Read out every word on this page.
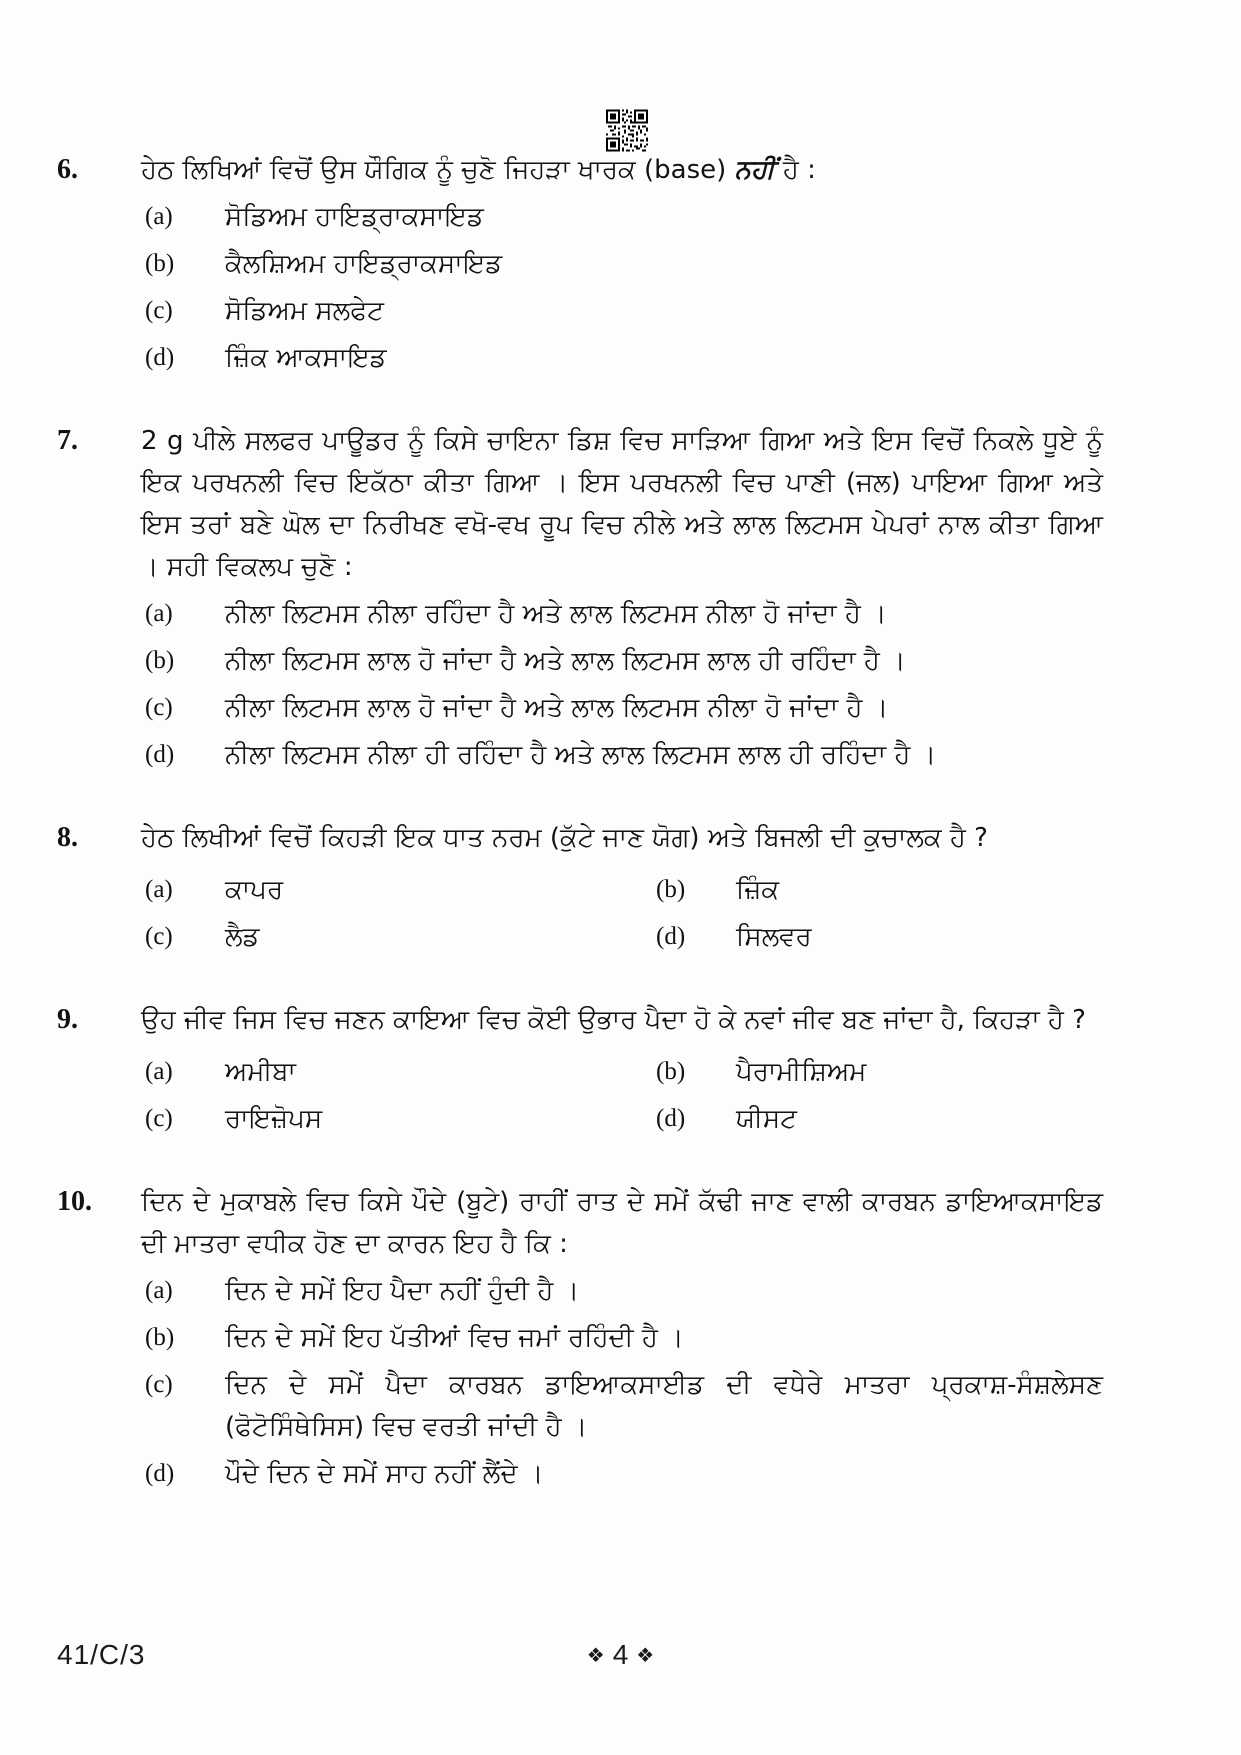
6.	ਹੇਠ ਲਿਖਿਆਂ ਵਿਚੋਂ ਉਸ ਯੌਗਿਕ ਨੂੰ ਚੁਣੋ ਜਿਹੜਾ ਖਾਰਕ (base) ਨਹੀਂ ਹੈ :

(a)	ਸੋਡਿਅਮ ਹਾਇਡ੍ਰਾਕਸਾਇਡ
(b)	ਕੈਲਸ਼ਿਅਮ ਹਾਇਡ੍ਰਾਕਸਾਇਡ
(c)	ਸੋਡਿਅਮ ਸਲਫੇਟ
(d)	ਜ਼ਿੰਕ ਆਕਸਾਇਡ
7.	2 g ਪੀਲੇ ਸਲਫਰ ਪਾਊਡਰ ਨੂੰ ਕਿਸੇ ਚਾਇਨਾ ਡਿਸ਼ ਵਿਚ ਸਾੜਿਆ ਗਿਆ ਅਤੇ ਇਸ ਵਿਚੋਂ ਨਿਕਲੇ ਧੂਏ ਨੂੰ ਇਕ ਪਰਖਨਲੀ ਵਿਚ ਇਕੱਠਾ ਕੀਤਾ ਗਿਆ । ਇਸ ਪਰਖਨਲੀ ਵਿਚ ਪਾਣੀ (ਜਲ) ਪਾਇਆ ਗਿਆ ਅਤੇ ਇਸ ਤਰਾਂ ਬਣੇ ਘੋਲ ਦਾ ਨਿਰੀਖਣ ਵਖੋ-ਵਖ ਰੂਪ ਵਿਚ ਨੀਲੇ ਅਤੇ ਲਾਲ ਲਿਟਮਸ ਪੇਪਰਾਂ ਨਾਲ ਕੀਤਾ ਗਿਆ । ਸਹੀ ਵਿਕਲਪ ਚੁਣੋ :

(a)	ਨੀਲਾ ਲਿਟਮਸ ਨੀਲਾ ਰਹਿੰਦਾ ਹੈ ਅਤੇ ਲਾਲ ਲਿਟਮਸ ਨੀਲਾ ਹੋ ਜਾਂਦਾ ਹੈ ।
(b)	ਨੀਲਾ ਲਿਟਮਸ ਲਾਲ ਹੋ ਜਾਂਦਾ ਹੈ ਅਤੇ ਲਾਲ ਲਿਟਮਸ ਲਾਲ ਹੀ ਰਹਿੰਦਾ ਹੈ ।
(c)	ਨੀਲਾ ਲਿਟਮਸ ਲਾਲ ਹੋ ਜਾਂਦਾ ਹੈ ਅਤੇ ਲਾਲ ਲਿਟਮਸ ਨੀਲਾ ਹੋ ਜਾਂਦਾ ਹੈ ।
(d)	ਨੀਲਾ ਲਿਟਮਸ ਨੀਲਾ ਹੀ ਰਹਿੰਦਾ ਹੈ ਅਤੇ ਲਾਲ ਲਿਟਮਸ ਲਾਲ ਹੀ ਰਹਿੰਦਾ ਹੈ ।
8.	ਹੇਠ ਲਿਖੀਆਂ ਵਿਚੋਂ ਕਿਹੜੀ ਇਕ ਧਾਤ ਨਰਮ (ਕੁੱਟੇ ਜਾਣ ਯੋਗ) ਅਤੇ ਬਿਜਲੀ ਦੀ ਕੁਚਾਲਕ ਹੈ ?

(a)	ਕਾਪਰ	(b)	ਜ਼ਿੰਕ
(c)	ਲੈਡ	(d)	ਸਿਲਵਰ
9.	ਉਹ ਜੀਵ ਜਿਸ ਵਿਚ ਜਣਨ ਕਾਇਆ ਵਿਚ ਕੋਈ ਉਭਾਰ ਪੈਦਾ ਹੋ ਕੇ ਨਵਾਂ ਜੀਵ ਬਣ ਜਾਂਦਾ ਹੈ, ਕਿਹੜਾ ਹੈ ?

(a)	ਅਮੀਬਾ	(b)	ਪੈਰਾਮੀਸ਼ਿਅਮ
(c)	ਰਾਇਜ਼ੋਪਸ	(d)	ਯੀਸਟ
10.	ਦਿਨ ਦੇ ਮੁਕਾਬਲੇ ਵਿਚ ਕਿਸੇ ਪੌਦੇ (ਬੂਟੇ) ਰਾਹੀਂ ਰਾਤ ਦੇ ਸਮੇਂ ਕੱਢੀ ਜਾਣ ਵਾਲੀ ਕਾਰਬਨ ਡਾਇਆਕਸਾਇਡ ਦੀ ਮਾਤਰਾ ਵਧੀਕ ਹੋਣ ਦਾ ਕਾਰਨ ਇਹ ਹੈ ਕਿ :

(a)	ਦਿਨ ਦੇ ਸਮੇਂ ਇਹ ਪੈਦਾ ਨਹੀਂ ਹੁੰਦੀ ਹੈ ।
(b)	ਦਿਨ ਦੇ ਸਮੇਂ ਇਹ ਪੱਤੀਆਂ ਵਿਚ ਜਮਾਂ ਰਹਿੰਦੀ ਹੈ ।
(c)	ਦਿਨ ਦੇ ਸਮੇਂ ਪੈਦਾ ਕਾਰਬਨ ਡਾਇਆਕਸਾਈਡ ਦੀ ਵਧੇਰੇ ਮਾਤਰਾ ਪ੍ਰਕਾਸ਼-ਸੰਸ਼ਲੇਸਣ (ਫੋਟੋਸਿੰਥੇਸਿਸ) ਵਿਚ ਵਰਤੀ ਜਾਂਦੀ ਹੈ ।
(d)	ਪੌਦੇ ਦਿਨ ਦੇ ਸਮੇਂ ਸਾਹ ਨਹੀਂ ਲੈਂਦੇ ।
41/C/3	❖ 4 ❖
